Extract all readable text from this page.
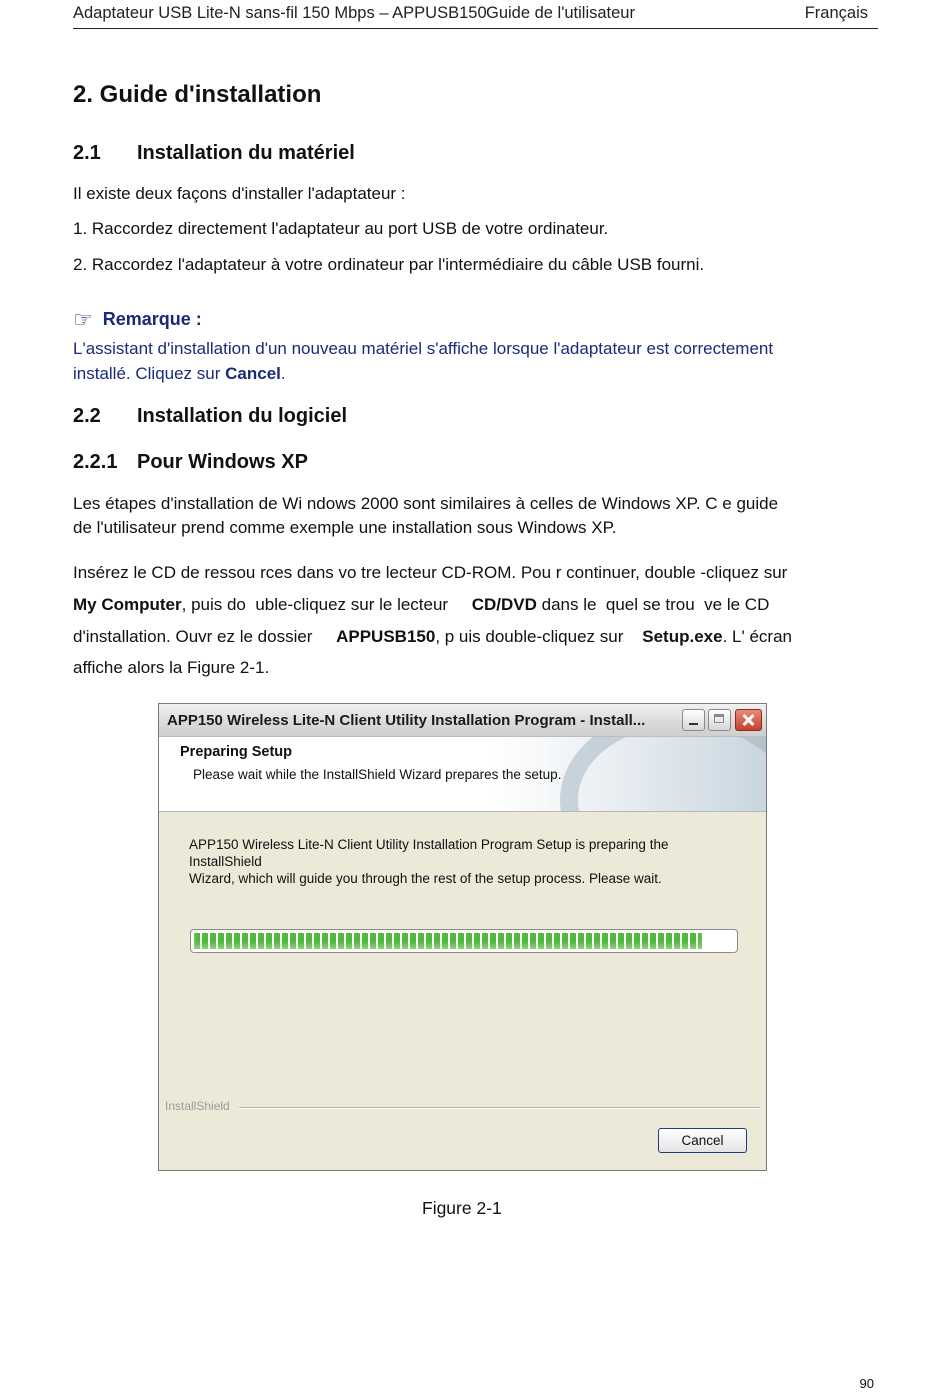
Adaptateur USB Lite-N sans-fil 150 Mbps – APPUSB150 Guide de l'utilisateur	Français
2. Guide d'installation
2.1 Installation du matériel
Il existe deux façons d'installer l'adaptateur :
1. Raccordez directement l'adaptateur au port USB de votre ordinateur.
2. Raccordez l'adaptateur à votre ordinateur par l'intermédiaire du câble USB fourni.
☞ Remarque :
L'assistant d'installation d'un nouveau matériel s'affiche lorsque l'adaptateur est correctement
installé. Cliquez sur Cancel.
2.2 Installation du logiciel
2.2.1 Pour Windows XP
Les étapes d'installation de Wi ndows 2000 sont similaires à celles de Windows XP. C e guide
de l'utilisateur prend comme exemple une installation sous Windows XP.
Insérez le CD de ressou rces dans vo tre lecteur CD-ROM. Pou r continuer, double -cliquez sur
My Computer, puis do  uble-cliquez sur le lecteur     CD/DVD dans le  quel se trou  ve le CD
d'installation. Ouvr ez le dossier     APPUSB150, p uis double-cliquez sur    Setup.exe. L' écran
affiche alors la Figure 2-1.
APP150 Wireless Lite-N Client Utility Installation Program - Install...
Preparing Setup
Please wait while the InstallShield Wizard prepares the setup.
APP150 Wireless Lite-N Client Utility Installation Program Setup is preparing the InstallShield
Wizard, which will guide you through the rest of the setup process. Please wait.
InstallShield
Cancel
Figure 2-1
90
